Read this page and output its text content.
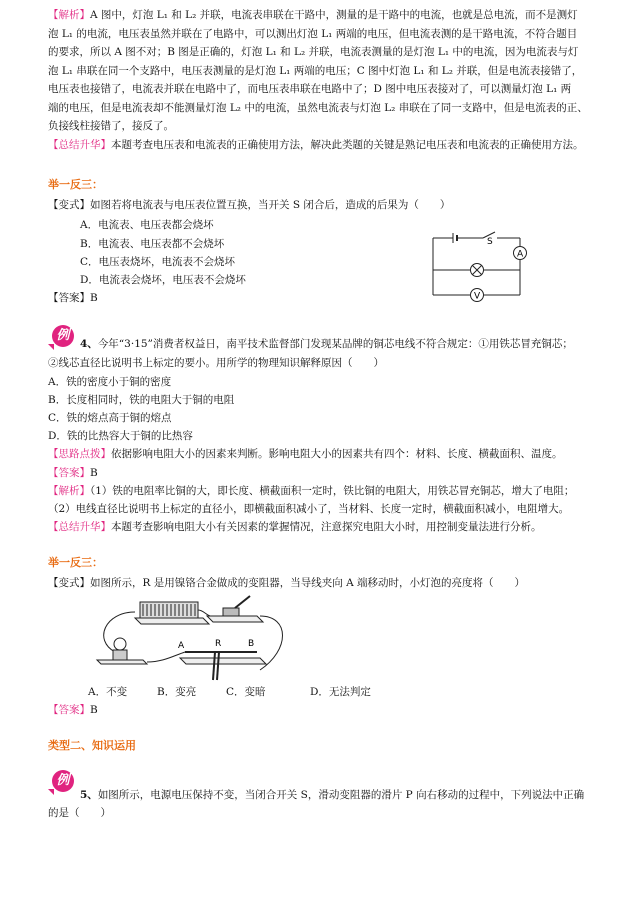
【解析】A 图中，灯泡 L₁ 和 L₂ 并联，电流表串联在干路中，测量的是干路中的电流，也就是总电流，而不是测灯
泡 L₁ 的电流，电压表虽然并联在了电路中，可以测出灯泡 L₁ 两端的电压，但电流表测的是干路电流，不符合题目
的要求，所以 A 图不对；B 图是正确的，灯泡 L₁ 和 L₂ 并联，电流表测量的是灯泡 L₁ 中的电流，因为电流表与灯
泡 L₁ 串联在同一个支路中，电压表测量的是灯泡 L₁ 两端的电压；C 图中灯泡 L₁ 和 L₂ 并联，但是电流表接错了，
电压表也接错了，电流表并联在电路中了，而电压表串联在电路中了；D 图中电压表接对了，可以测量灯泡 L₁ 两
端的电压，但是电流表却不能测量灯泡 L₂ 中的电流，虽然电流表与灯泡 L₂ 串联在了同一支路中，但是电流表的正、
负接线柱接错了，接反了。
【总结升华】本题考查电压表和电流表的正确使用方法，解决此类题的关键是熟记电压表和电流表的正确使用方法。
举一反三：
【变式】如图若将电流表与电压表位置互换，当开关 S 闭合后，造成的后果为（　　）
A．电流表、电压表都会烧坏
B．电流表、电压表都不会烧坏
C．电压表烧坏，电流表不会烧坏
D．电流表会烧坏，电压表不会烧坏
【答案】B
S
A
V
例
4、今年“3·15”消费者权益日，南平技术监督部门发现某品牌的铜芯电线不符合规定：①用铁芯冒充铜芯；
②线芯直径比说明书上标定的要小。用所学的物理知识解释原因（　　）
A．铁的密度小于铜的密度
B．长度相同时，铁的电阻大于铜的电阻
C．铁的熔点高于铜的熔点
D．铁的比热容大于铜的比热容
【思路点拨】依据影响电阻大小的因素来判断。影响电阻大小的因素共有四个：材料、长度、横截面积、温度。
【答案】B
【解析】（1）铁的电阻率比铜的大，即长度、横截面积一定时，铁比铜的电阻大，用铁芯冒充铜芯，增大了电阻；
（2）电线直径比说明书上标定的直径小，即横截面积减小了，当材料、长度一定时，横截面积减小，电阻增大。
【总结升华】本题考查影响电阻大小有关因素的掌握情况，注意探究电阻大小时，用控制变量法进行分析。
举一反三：
【变式】如图所示，R 是用镍铬合金做成的变阻器，当导线夹向 A 端移动时，小灯泡的亮度将（　　）
A	R	B
A．不变	B．变亮	C．变暗	D．无法判定
【答案】B
类型二、知识运用
例
5、如图所示，电源电压保持不变，当闭合开关 S，滑动变阻器的滑片 P 向右移动的过程中，下列说法中正确
的是（　　）
